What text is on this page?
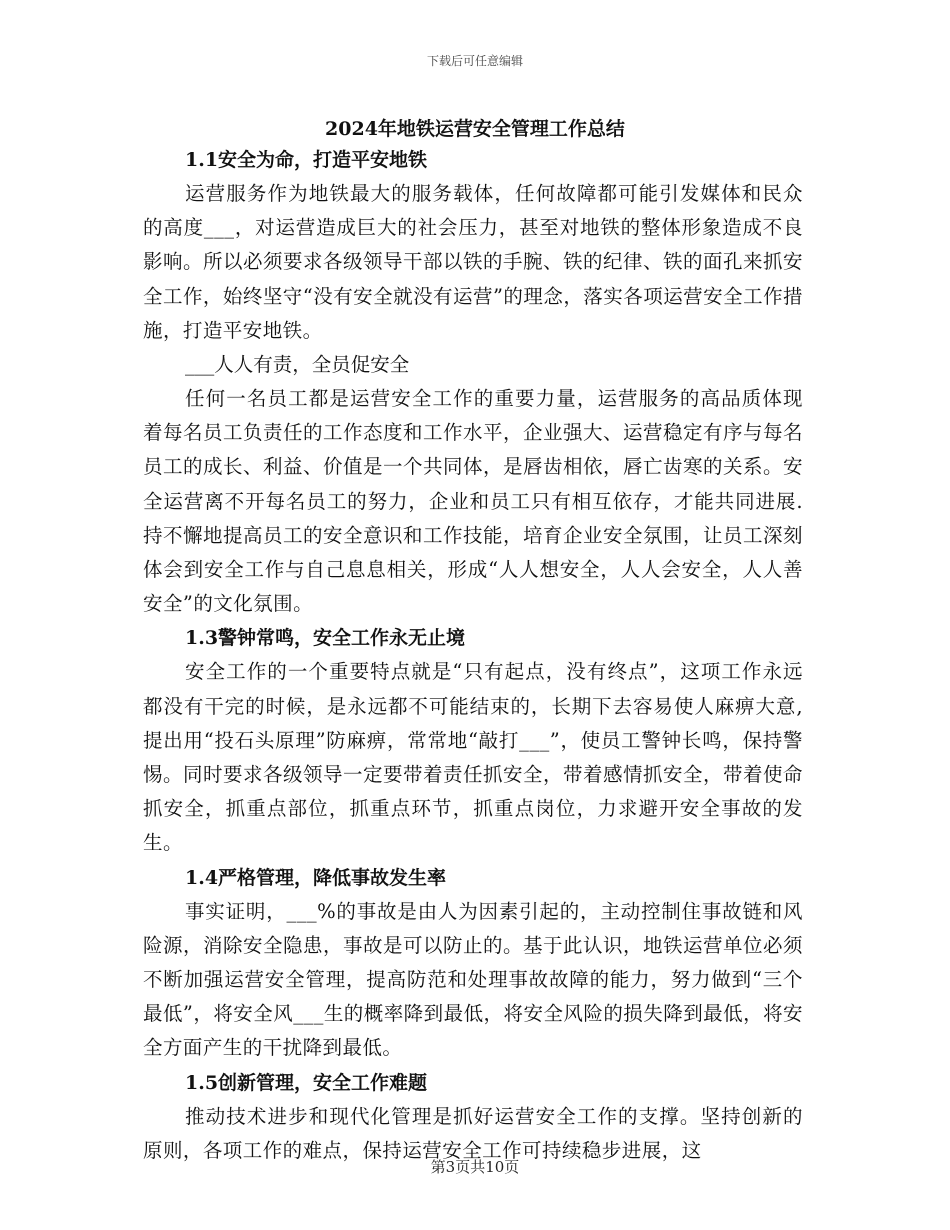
下载后可任意编辑
2024年地铁运营安全管理工作总结
1.1安全为命，打造平安地铁

运营服务作为地铁最大的服务载体，任何故障都可能引发媒体和民众的高度___，对运营造成巨大的社会压力，甚至对地铁的整体形象造成不良影响。所以必须要求各级领导干部以铁的手腕、铁的纪律、铁的面孔来抓安全工作，始终坚守“没有安全就没有运营”的理念，落实各项运营安全工作措施，打造平安地铁。

___人人有责，全员促安全

任何一名员工都是运营安全工作的重要力量，运营服务的高品质体现着每名员工负责任的工作态度和工作水平，企业强大、运营稳定有序与每名员工的成长、利益、价值是一个共同体，是唇齿相依，唇亡齿寒的关系。安全运营离不开每名员工的努力，企业和员工只有相互依存，才能共同进展.持不懈地提高员工的安全意识和工作技能，培育企业安全氛围，让员工深刻体会到安全工作与自己息息相关，形成“人人想安全，人人会安全，人人善安全”的文化氛围。

1.3警钟常鸣，安全工作永无止境

安全工作的一个重要特点就是“只有起点，没有终点”，这项工作永远都没有干完的时候，是永远都不可能结束的，长期下去容易使人麻痹大意,提出用“投石头原理”防麻痹，常常地“敲打___”，使员工警钟长鸣，保持警惕。同时要求各级领导一定要带着责任抓安全，带着感情抓安全，带着使命抓安全，抓重点部位，抓重点环节，抓重点岗位，力求避开安全事故的发生。

1.4严格管理，降低事故发生率

事实证明，___%的事故是由人为因素引起的，主动控制住事故链和风险源，消除安全隐患，事故是可以防止的。基于此认识，地铁运营单位必须不断加强运营安全管理，提高防范和处理事故故障的能力，努力做到“三个最低”，将安全风___生的概率降到最低，将安全风险的损失降到最低，将安全方面产生的干扰降到最低。

1.5创新管理，安全工作难题

推动技术进步和现代化管理是抓好运营安全工作的支撑。坚持创新的原则，各项工作的难点，保持运营安全工作可持续稳步进展，这

第3页共10页
